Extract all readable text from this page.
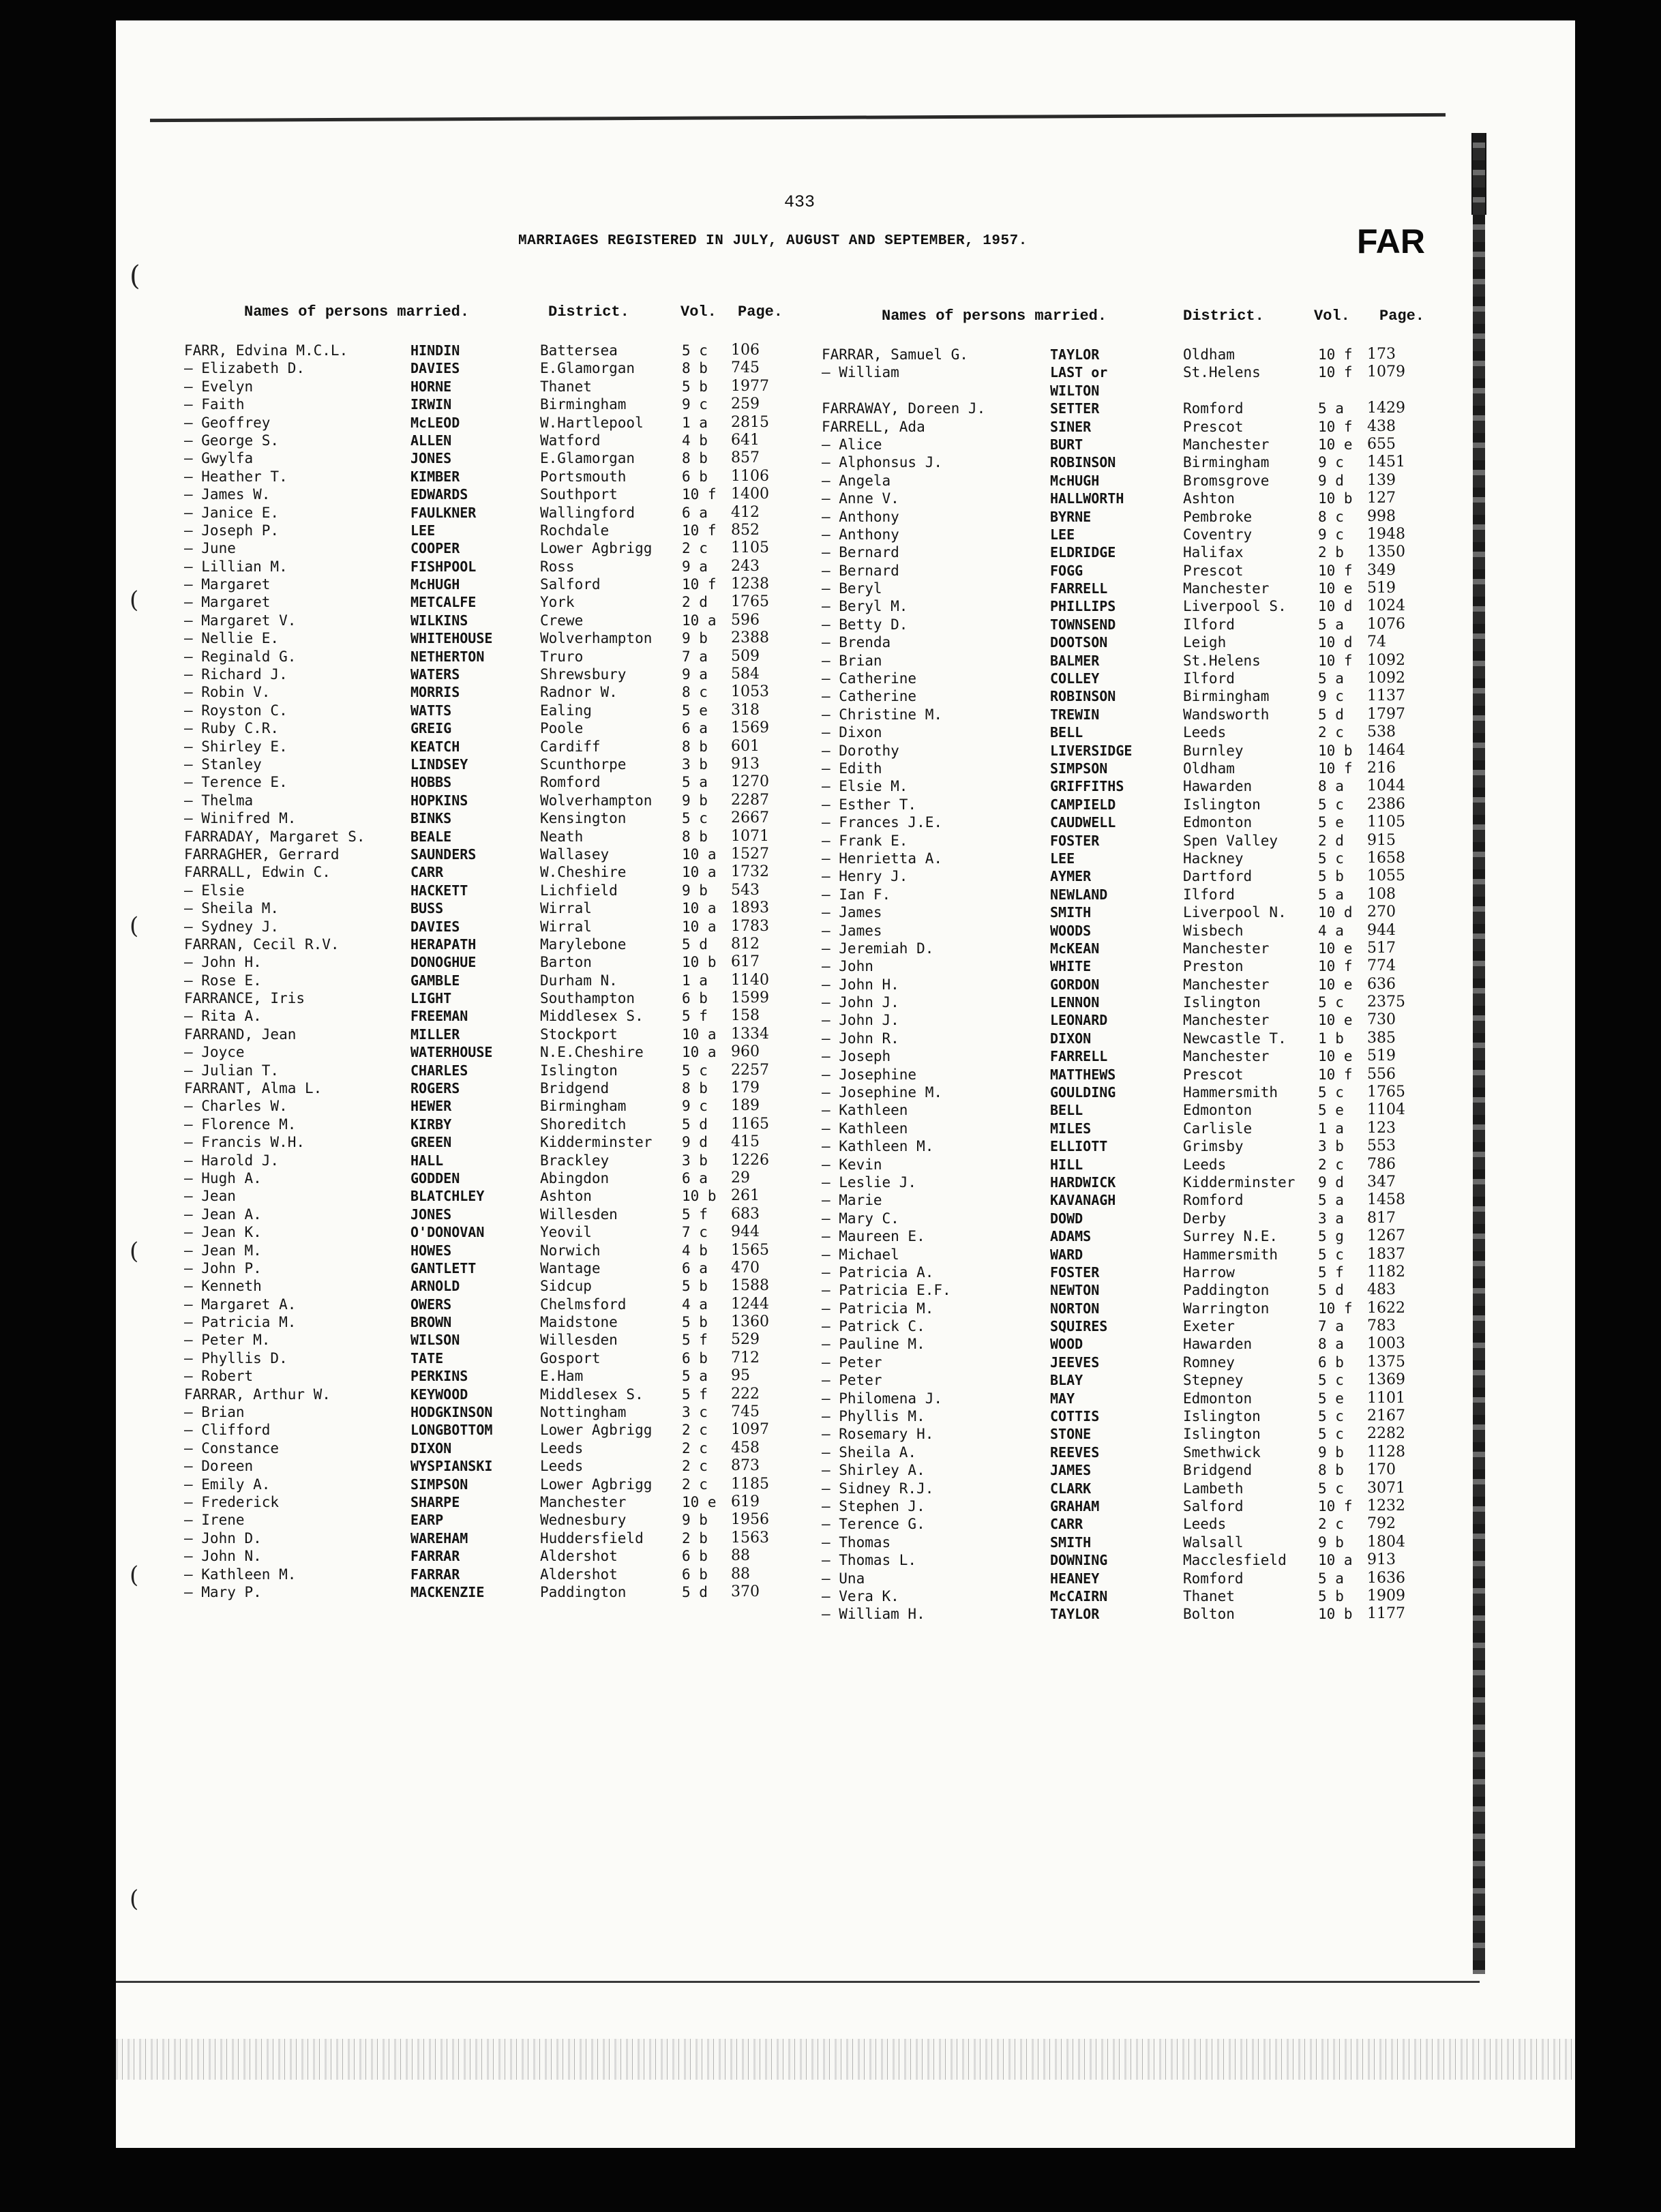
(
(
(
(
(
(
433
MARRIAGES REGISTERED IN JULY, AUGUST AND SEPTEMBER, 1957.	FAR
Names of persons married.	District.	Vol. Page.
FARR, Edvina M.C.L.	HINDIN	Battersea	5 c 106
— Elizabeth D.	DAVIES	E.Glamorgan	8 b 745
— Evelyn	HORNE	Thanet	5 b 1977
— Faith	IRWIN	Birmingham	9 c 259
— Geoffrey	McLEOD	W.Hartlepool	1 a 2815
— George S.	ALLEN	Watford	4 b 641
— Gwylfa	JONES	E.Glamorgan	8 b 857
— Heather T.	KIMBER	Portsmouth	6 b 1106
— James W.	EDWARDS	Southport	10 f 1400
— Janice E.	FAULKNER	Wallingford	6 a 412
— Joseph P.	LEE	Rochdale	10 f 852
— June	COOPER	Lower Agbrigg 2 c 1105
— Lillian M.	FISHPOOL	Ross	9 a 243
— Margaret	McHUGH	Salford	10 f 1238
— Margaret	METCALFE	York	2 d 1765
— Margaret V.	WILKINS	Crewe	10 a 596
— Nellie E.	WHITEHOUSE	Wolverhampton 9 b 2388
— Reginald G.	NETHERTON	Truro	7 a 509
— Richard J.	WATERS	Shrewsbury	9 a 584
— Robin V.	MORRIS	Radnor W.	8 c 1053
— Royston C.	WATTS	Ealing	5 e 318
— Ruby C.R.	GREIG	Poole	6 a 1569
— Shirley E.	KEATCH	Cardiff	8 b 601
— Stanley	LINDSEY	Scunthorpe	3 b 913
— Terence E.	HOBBS	Romford	5 a 1270
— Thelma	HOPKINS	Wolverhampton 9 b 2287
— Winifred M.	BINKS	Kensington	5 c 2667
FARRADAY, Margaret S.	BEALE	Neath	8 b 1071
FARRAGHER, Gerrard	SAUNDERS	Wallasey	10 a 1527
FARRALL, Edwin C.	CARR	W.Cheshire	10 a 1732
— Elsie	HACKETT	Lichfield	9 b 543
— Sheila M.	BUSS	Wirral	10 a 1893
— Sydney J.	DAVIES	Wirral	10 a 1783
FARRAN, Cecil R.V.	HERAPATH	Marylebone	5 d 812
— John H.	DONOGHUE	Barton	10 b 617
— Rose E.	GAMBLE	Durham N.	1 a 1140
FARRANCE, Iris	LIGHT	Southampton	6 b 1599
— Rita A.	FREEMAN	Middlesex S.	5 f 158
FARRAND, Jean	MILLER	Stockport	10 a 1334
— Joyce	WATERHOUSE	N.E.Cheshire	10 a 960
— Julian T.	CHARLES	Islington	5 c 2257
FARRANT, Alma L.	ROGERS	Bridgend	8 b 179
— Charles W.	HEWER	Birmingham	9 c 189
— Florence M.	KIRBY	Shoreditch	5 d 1165
— Francis W.H.	GREEN	Kidderminster 9 d 415
— Harold J.	HALL	Brackley	3 b 1226
— Hugh A.	GODDEN	Abingdon	6 a 29
— Jean	BLATCHLEY	Ashton	10 b 261
— Jean A.	JONES	Willesden	5 f 683
— Jean K.	O'DONOVAN	Yeovil	7 c 944
— Jean M.	HOWES	Norwich	4 b 1565
— John P.	GANTLETT	Wantage	6 a 470
— Kenneth	ARNOLD	Sidcup	5 b 1588
— Margaret A.	OWERS	Chelmsford	4 a 1244
— Patricia M.	BROWN	Maidstone	5 b 1360
— Peter M.	WILSON	Willesden	5 f 529
— Phyllis D.	TATE	Gosport	6 b 712
— Robert	PERKINS	E.Ham	5 a 95
FARRAR, Arthur W.	KEYWOOD	Middlesex S.	5 f 222
— Brian	HODGKINSON	Nottingham	3 c 745
— Clifford	LONGBOTTOM	Lower Agbrigg 2 c 1097
— Constance	DIXON	Leeds	2 c 458
— Doreen	WYSPIANSKI	Leeds	2 c 873
— Emily A.	SIMPSON	Lower Agbrigg 2 c 1185
— Frederick	SHARPE	Manchester	10 e 619
— Irene	EARP	Wednesbury	9 b 1956
— John D.	WAREHAM	Huddersfield	2 b 1563
— John N.	FARRAR	Aldershot	6 b 88
— Kathleen M.	FARRAR	Aldershot	6 b 88
— Mary P.	MACKENZIE	Paddington	5 d 370
Names of persons married.	District.	Vol. Page.
FARRAR, Samuel G.	TAYLOR	Oldham	10 f 173
— William	LAST or	St.Helens	10 f 1079
WILTON
FARRAWAY, Doreen J.	SETTER	Romford	5 a 1429
FARRELL, Ada	SINER	Prescot	10 f 438
— Alice	BURT	Manchester	10 e 655
— Alphonsus J.	ROBINSON	Birmingham	9 c 1451
— Angela	McHUGH	Bromsgrove	9 d 139
— Anne V.	HALLWORTH	Ashton	10 b 127
— Anthony	BYRNE	Pembroke	8 c 998
— Anthony	LEE	Coventry	9 c 1948
— Bernard	ELDRIDGE	Halifax	2 b 1350
— Bernard	FOGG	Prescot	10 f 349
— Beryl	FARRELL	Manchester	10 e 519
— Beryl M.	PHILLIPS	Liverpool S. 10 d 1024
— Betty D.	TOWNSEND	Ilford	5 a 1076
— Brenda	DOOTSON	Leigh	10 d 74
— Brian	BALMER	St.Helens	10 f 1092
— Catherine	COLLEY	Ilford	5 a 1092
— Catherine	ROBINSON	Birmingham	9 c 1137
— Christine M.	TREWIN	Wandsworth	5 d 1797
— Dixon	BELL	Leeds	2 c 538
— Dorothy	LIVERSIDGE	Burnley	10 b 1464
— Edith	SIMPSON	Oldham	10 f 216
— Elsie M.	GRIFFITHS	Hawarden	8 a 1044
— Esther T.	CAMPIELD	Islington	5 c 2386
— Frances J.E.	CAUDWELL	Edmonton	5 e 1105
— Frank E.	FOSTER	Spen Valley	2 d 915
— Henrietta A.	LEE	Hackney	5 c 1658
— Henry J.	AYMER	Dartford	5 b 1055
— Ian F.	NEWLAND	Ilford	5 a 108
— James	SMITH	Liverpool N. 10 d 270
— James	WOODS	Wisbech	4 a 944
— Jeremiah D.	McKEAN	Manchester	10 e 517
— John	WHITE	Preston	10 f 774
— John H.	GORDON	Manchester	10 e 636
— John J.	LENNON	Islington	5 c 2375
— John J.	LEONARD	Manchester	10 e 730
— John R.	DIXON	Newcastle T. 1 b 385
— Joseph	FARRELL	Manchester	10 e 519
— Josephine	MATTHEWS	Prescot	10 f 556
— Josephine M.	GOULDING	Hammersmith	5 c 1765
— Kathleen	BELL	Edmonton	5 e 1104
— Kathleen	MILES	Carlisle	1 a 123
— Kathleen M.	ELLIOTT	Grimsby	3 b 553
— Kevin	HILL	Leeds	2 c 786
— Leslie J.	HARDWICK	Kidderminster 9 d 347
— Marie	KAVANAGH	Romford	5 a 1458
— Mary C.	DOWD	Derby	3 a 817
— Maureen E.	ADAMS	Surrey N.E.	5 g 1267
— Michael	WARD	Hammersmith	5 c 1837
— Patricia A.	FOSTER	Harrow	5 f 1182
— Patricia E.F.	NEWTON	Paddington	5 d 483
— Patricia M.	NORTON	Warrington	10 f 1622
— Patrick C.	SQUIRES	Exeter	7 a 783
— Pauline M.	WOOD	Hawarden	8 a 1003
— Peter	JEEVES	Romney	6 b 1375
— Peter	BLAY	Stepney	5 c 1369
— Philomena J.	MAY	Edmonton	5 e 1101
— Phyllis M.	COTTIS	Islington	5 c 2167
— Rosemary H.	STONE	Islington	5 c 2282
— Sheila A.	REEVES	Smethwick	9 b 1128
— Shirley A.	JAMES	Bridgend	8 b 170
— Sidney R.J.	CLARK	Lambeth	5 c 3071
— Stephen J.	GRAHAM	Salford	10 f 1232
— Terence G.	CARR	Leeds	2 c 792
— Thomas	SMITH	Walsall	9 b 1804
— Thomas L.	DOWNING	Macclesfield 10 a 913
— Una	HEANEY	Romford	5 a 1636
— Vera K.	McCAIRN	Thanet	5 b 1909
— William H.	TAYLOR	Bolton	10 b 1177
